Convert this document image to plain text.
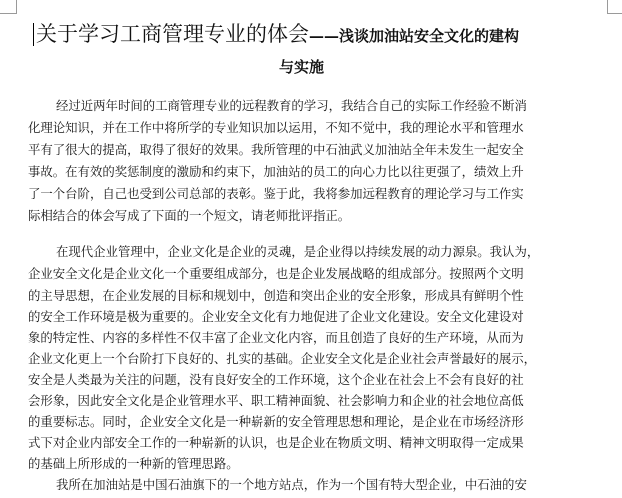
关于学习工商管理专业的体会——浅谈加油站安全文化的建构
与实施
经过近两年时间的工商管理专业的远程教育的学习，我结合自己的实际工作经验不断消
化理论知识，并在工作中将所学的专业知识加以运用，不知不觉中，我的理论水平和管理水
平有了很大的提高，取得了很好的效果。我所管理的中石油武义加油站全年未发生一起安全
事故。在有效的奖惩制度的激励和约束下，加油站的员工的向心力比以往更强了，绩效上升
了一个台阶，自己也受到公司总部的表彰。鉴于此，我将参加远程教育的理论学习与工作实
际相结合的体会写成了下面的一个短文，请老师批评指正。
在现代企业管理中，企业文化是企业的灵魂，是企业得以持续发展的动力源泉。我认为，
企业安全文化是企业文化一个重要组成部分，也是企业发展战略的组成部分。按照两个文明
的主导思想，在企业发展的目标和规划中，创造和突出企业的安全形象，形成具有鲜明个性
的安全工作环境是极为重要的。企业安全文化有力地促进了企业文化建设。安全文化建设对
象的特定性、内容的多样性不仅丰富了企业文化内容，而且创造了良好的生产环境，从而为
企业文化更上一个台阶打下良好的、扎实的基础。企业安全文化是企业社会声誉最好的展示，
安全是人类最为关注的问题，没有良好安全的工作环境，这个企业在社会上不会有良好的社
会形象，因此安全文化是企业管理水平、职工精神面貌、社会影响力和企业的社会地位高低
的重要标志。同时，企业安全文化是一种崭新的安全管理思想和理论，是企业在市场经济形
式下对企业内部安全工作的一种崭新的认识，也是企业在物质文明、精神文明取得一定成果
的基础上所形成的一种新的管理思路。
我所在加油站是中国石油旗下的一个地方站点，作为一个国有特大型企业，中石油的安
